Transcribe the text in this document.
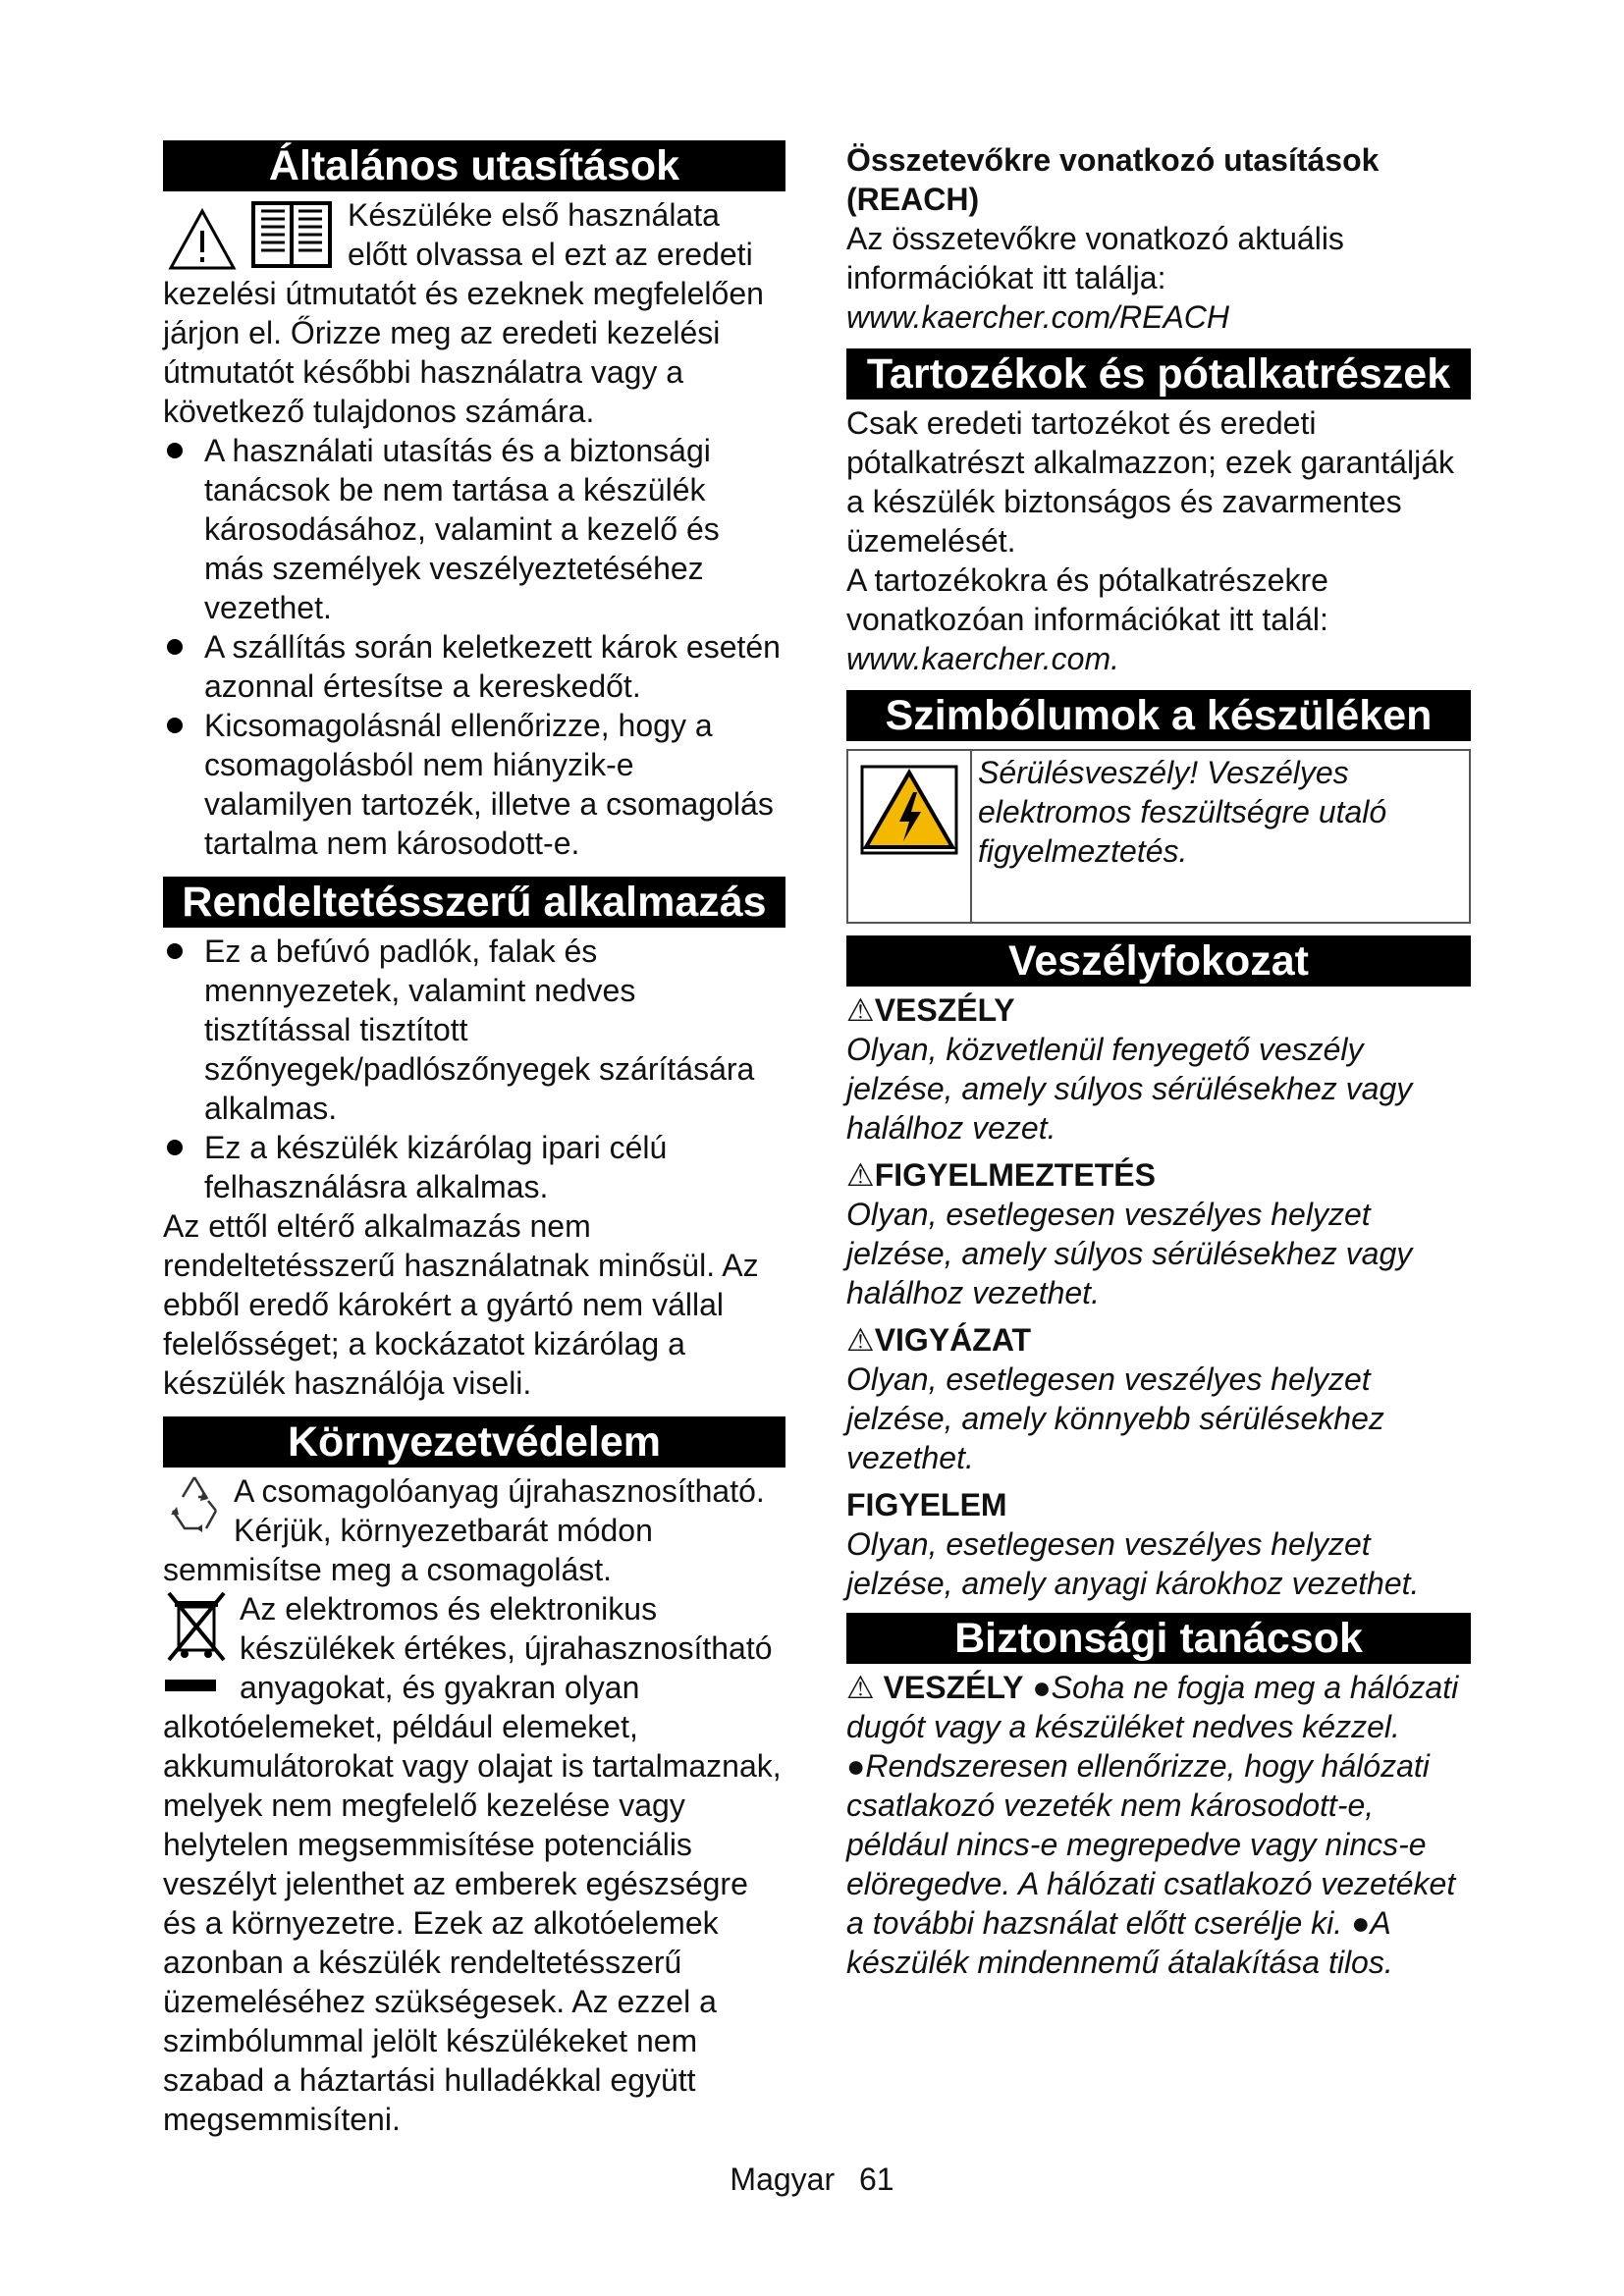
Általános utasítások

Készüléke első használata

előtt olvassa el ezt az eredeti

kezelési útmutatót és ezeknek megfelelően járjon el. Őrizze meg az eredeti kezelési útmutatót későbbi használatra vagy a következő tulajdonos számára.

A használati utasítás és a biztonsági tanácsok be nem tartása a készülék károsodásához, valamint a kezelő és más személyek veszélyeztetéséhez vezethet.
A szállítás során keletkezett károk esetén azonnal értesítse a kereskedőt.
Kicsomagolásnál ellenőrizze, hogy a csomagolásból nem hiányzik-e valamilyen tartozék, illetve a csomagolás tartalma nem károsodott-e.
Rendeltetésszerű alkalmazás
Ez a befúvó padlók, falak és mennyezetek, valamint nedves tisztítással tisztított szőnyegek/padlószőnyegek szárítására alkalmas.
Ez a készülék kizárólag ipari célú felhasználásra alkalmas.

Az ettől eltérő alkalmazás nem rendeltetésszerű használatnak minősül. Az ebből eredő károkért a gyártó nem vállal felelősséget; a kockázatot kizárólag a készülék használója viseli.

Környezetvédelem

A csomagolóanyag újrahasznosítható. Kérjük, környezetbarát módon semmisítse meg a csomagolást.

Az elektromos és elektronikus készülékek értékes, újrahasznosítható anyagokat, és gyakran olyan alkotóelemeket, például elemeket, akkumulátorokat vagy olajat is tartalmaznak, melyek nem megfelelő kezelése vagy helytelen megsemmisítése potenciális veszélyt jelenthet az emberek egészségre és a környezetre. Ezek az alkotóelemek azonban a készülék rendeltetésszerű üzemeléséhez szükségesek. Az ezzel a szimbólummal jelölt készülékeket nem szabad a háztartási hulladékkal együtt megsemmisíteni.

Összetevőkre vonatkozó utasítások

(REACH)

Az összetevőkre vonatkozó aktuális információkat itt találja: www.kaercher.com/REACH

Tartozékok és pótalkatrészek

Csak eredeti tartozékot és eredeti pótalkatrészt alkalmazzon; ezek garantálják a készülék biztonságos és zavarmentes üzemelését.

A tartozékokra és pótalkatrészekre vonatkozóan információkat itt talál: www.kaercher.com.

Szimbólumok a készüléken
Sérülésveszély! Veszélyes elektromos feszültségre utaló figyelmeztetés.
Veszélyfokozat

⚠VESZÉLY

Olyan, közvetlenül fenyegető veszély jelzése, amely súlyos sérülésekhez vagy halálhoz vezet.

⚠FIGYELMEZTETÉS

Olyan, esetlegesen veszélyes helyzet jelzése, amely súlyos sérülésekhez vagy halálhoz vezethet.

⚠VIGYÁZAT

Olyan, esetlegesen veszélyes helyzet jelzése, amely könnyebb sérülésekhez vezethet.

FIGYELEM

Olyan, esetlegesen veszélyes helyzet jelzése, amely anyagi károkhoz vezethet.

Biztonsági tanácsok

⚠ VESZÉLY ●Soha ne fogja meg a hálózati dugót vagy a készüléket nedves kézzel. ●Rendszeresen ellenőrizze, hogy hálózati csatlakozó vezeték nem károsodott-e, például nincs-e megrepedve vagy nincs-e elöregedve. A hálózati csatlakozó vezetéket a további hazsnálat előtt cserélje ki. ●A készülék mindennemű átalakítása tilos.

Magyar 61
